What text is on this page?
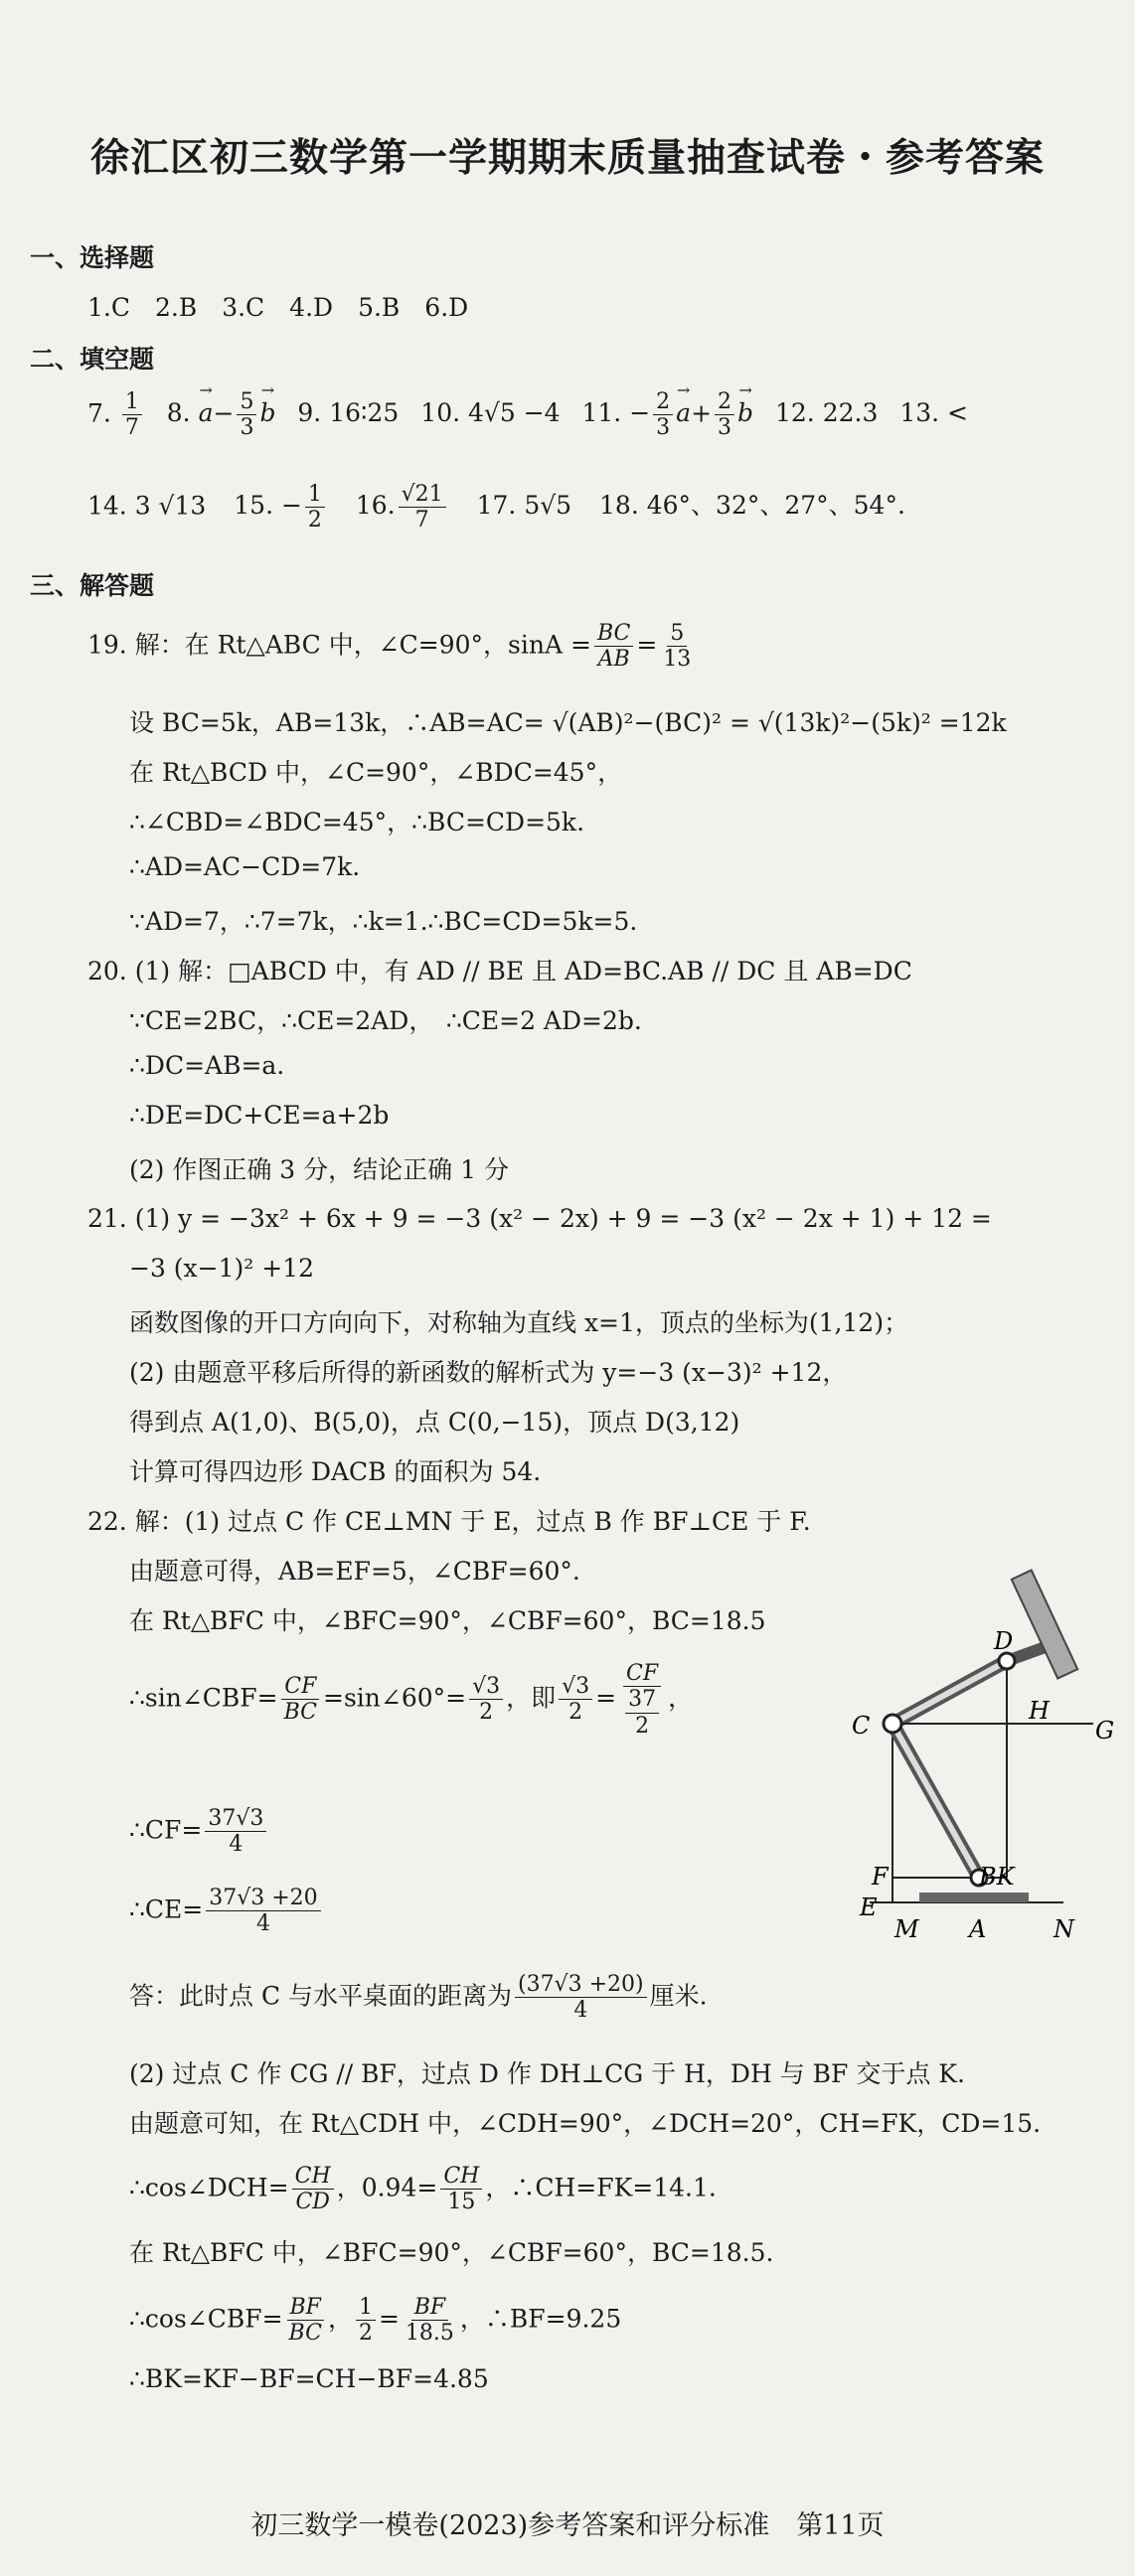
徐汇区初三数学第一学期期末质量抽查试卷・参考答案
一、选择题
1.C　2.B　3.C　4.D　5.B　6.D
二、填空题
7. $\frac{1}{7} 8$. → $a- \frac{5}{3}$
→ b 9. 16∶25 10. 4√5 −4 11. − $\frac{2}{3}$
→ $a+ \frac{2}{3}$
→ b 12. 22.3 13. <
14. 3 √13 15. − $\frac{1}{2} 16$. $\frac{√21}{7} 17$. 5√5 18. 46°、32°、27°、54°.
三、解答题
19. 解：在 Rt△ABC 中，∠C=90°，$\sin A = \frac{BC}{AB} = \frac{5}{13}$
设 BC=5k，AB=13k，∴AB=AC= √(AB)²−(BC)² = √(13k)²−(5k)² =12k
在 Rt△BCD 中，∠C=90°，∠BDC=45°，
∴∠CBD=∠BDC=45°，∴BC=CD=5k.
∴AD=AC−CD=7k.
∵AD=7，∴7=7k，∴k=1.∴BC=CD=5k=5.
20. (1) 解：□ABCD 中，有 AD // BE 且 AD=BC.AB // DC 且 AB=DC
∵CE=2BC，∴CE=2AD，　∴CE=2 AD=2b.
∴DC=AB=a.
∴DE=DC+CE=a+2b
(2) 作图正确 3 分，结论正确 1 分
21. (1) y = −3x² + 6x + 9 = −3 (x² − 2x) + 9 = −3 (x² − 2x + 1) + 12 =
−3 (x−1)² +12
函数图像的开口方向向下，对称轴为直线 x=1，顶点的坐标为(1,12)；
(2) 由题意平移后所得的新函数的解析式为 y=−3 (x−3)² +12，
得到点 A(1,0)、B(5,0)，点 C(0,−15)，顶点 D(3,12)
计算可得四边形 DACB 的面积为 54.
22. 解：(1) 过点 C 作 CE⊥MN 于 E，过点 B 作 BF⊥CE 于 F.
由题意可得，AB=EF=5，∠CBF=60°.
在 Rt△BFC 中，∠BFC=90°，∠CBF=60°，BC=18.5
∴sin∠CBF= $\frac{CF}{BC}$ =sin∠60°= $\frac{√3}{2}$ ，即 $\frac{√3}{2} = \frac{CF}{\frac{37}{2}}$ ，
∴CF= $\frac{37√3}{4}$
∴CE= $\frac{37√3 +20}{4}$
答：此时点 C 与水平桌面的距离为 $\frac{(37√3 +20)}{4}$ 厘米.
(2) 过点 C 作 CG // BF，过点 D 作 DH⊥CG 于 H，DH 与 BF 交于点 K.
由题意可知，在 Rt△CDH 中，∠CDH=90°，∠DCH=20°，CH=FK，CD=15.
∴cos∠DCH= $\frac{CH}{CD}$ ，$0.94= \frac{CH}{15}$ ，∴CH=FK=14.1.
在 Rt△BFC 中，∠BFC=90°，∠CBF=60°，BC=18.5.
∴cos∠CBF= $\frac{BF}{BC}$ ， $\frac{1}{2} = \frac{BF}{18.5}$ ，∴BF=9.25
∴BK=KF−BF=CH−BF=4.85
D
H
C	G
F	BK
E
M A	N
初三数学一模卷(2023)参考答案和评分标准　第11页
